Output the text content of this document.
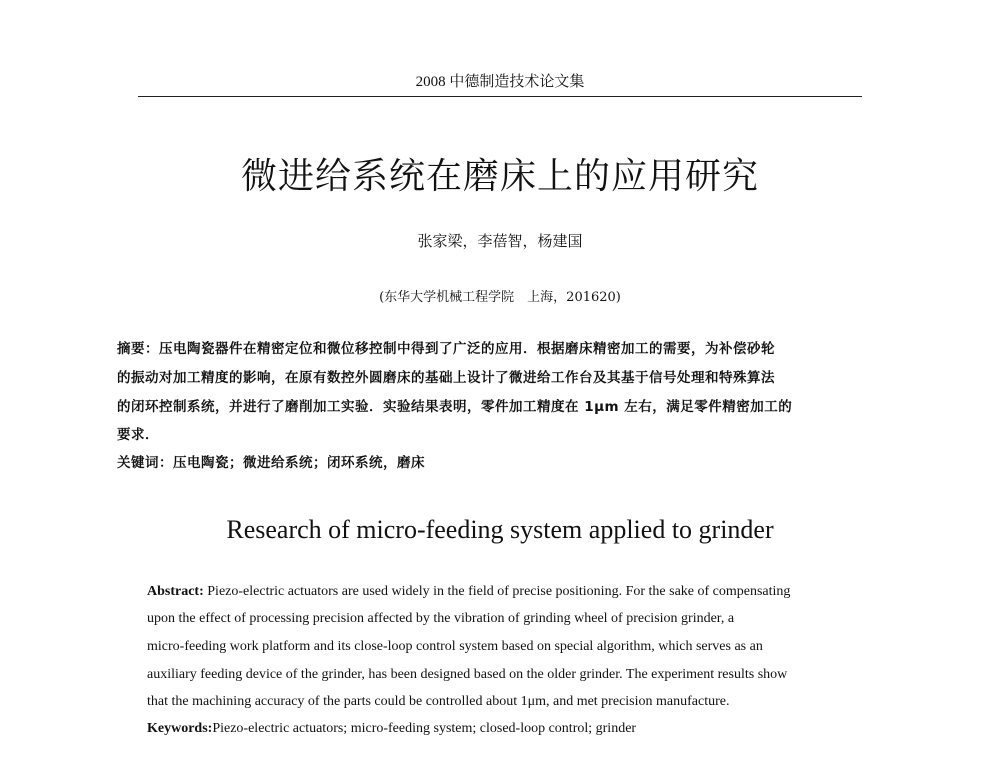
2008 中德制造技术论文集
微进给系统在磨床上的应用研究
张家梁，李蓓智，杨建国
(东华大学机械工程学院　上海，201620)
摘要：压电陶瓷器件在精密定位和微位移控制中得到了广泛的应用．根据磨床精密加工的需要，为补偿砂轮
的振动对加工精度的影响，在原有数控外圆磨床的基础上设计了微进给工作台及其基于信号处理和特殊算法
的闭环控制系统，并进行了磨削加工实验．实验结果表明，零件加工精度在 1μm 左右，满足零件精密加工的
要求．
关键词：压电陶瓷；微进给系统；闭环系统，磨床
Research of micro-feeding system applied to grinder
Abstract: Piezo-electric actuators are used widely in the field of precise positioning. For the sake of compensating
upon the effect of processing precision affected by the vibration of grinding wheel of precision grinder, a
micro-feeding work platform and its close-loop control system based on special algorithm, which serves as an
auxiliary feeding device of the grinder, has been designed based on the older grinder. The experiment results show
that the machining accuracy of the parts could be controlled about 1μm, and met precision manufacture.
Keywords:Piezo-electric actuators; micro-feeding system; closed-loop control; grinder
